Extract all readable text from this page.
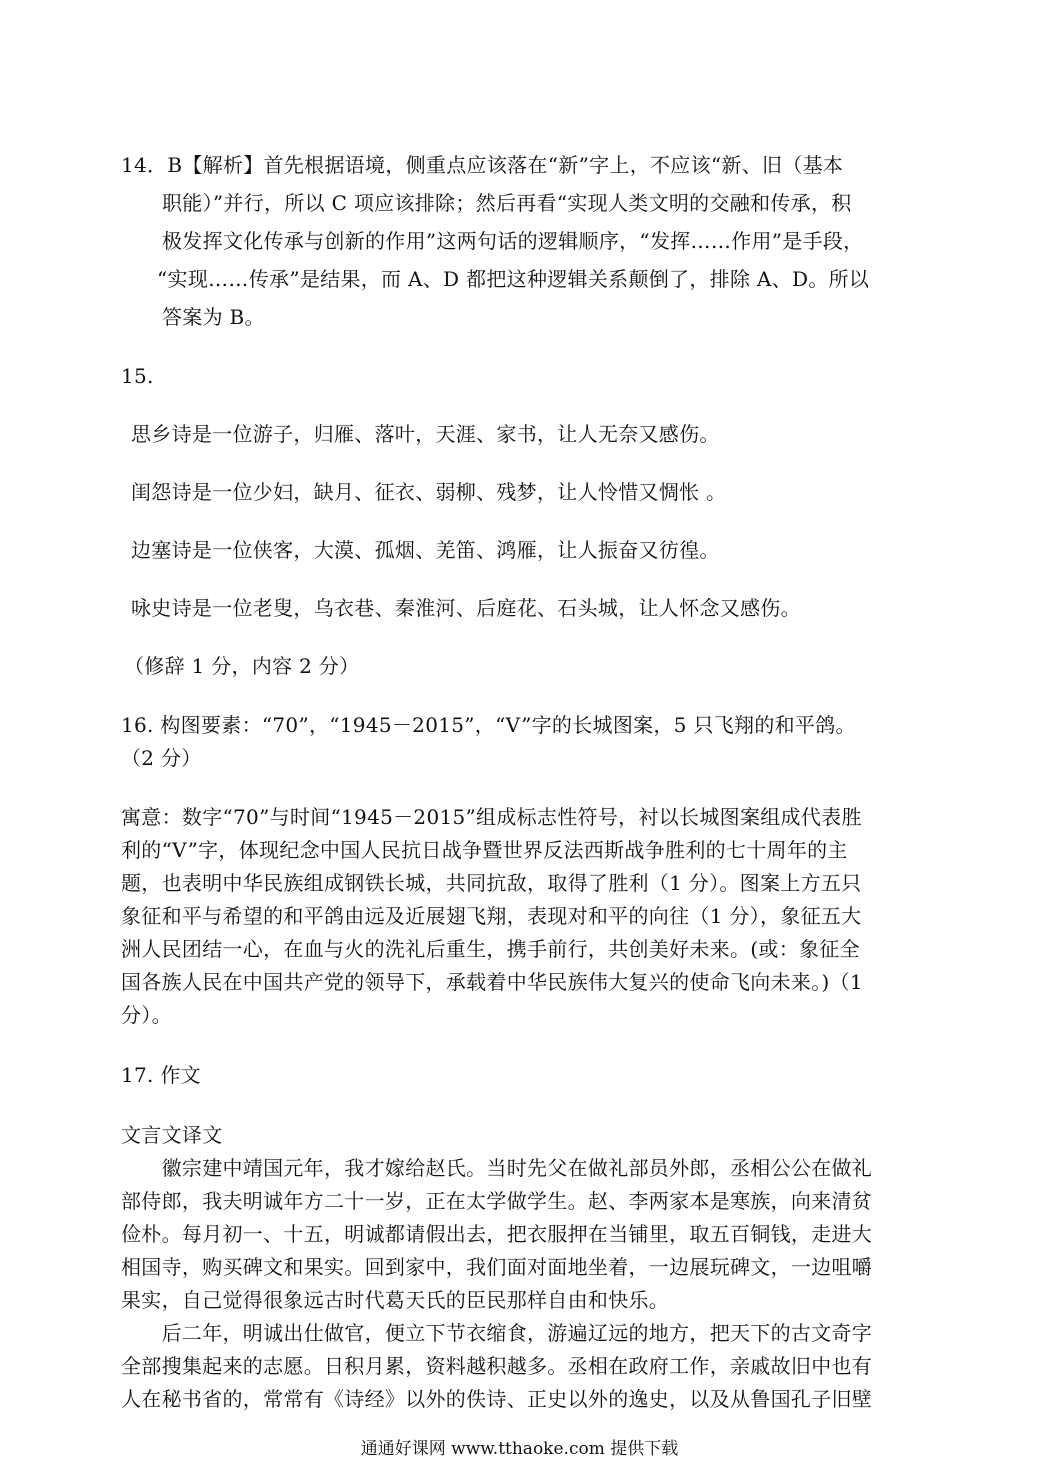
14．B【解析】首先根据语境，侧重点应该落在“新”字上，不应该“新、旧（基本
职能）”并行，所以 C 项应该排除；然后再看“实现人类文明的交融和传承，积
极发挥文化传承与创新的作用”这两句话的逻辑顺序，“发挥……作用”是手段，
“实现……传承”是结果，而 A、D 都把这种逻辑关系颠倒了，排除 A、D。所以
答案为 B。
15.
思乡诗是一位游子，归雁、落叶，天涯、家书，让人无奈又感伤。
闺怨诗是一位少妇，缺月、征衣、弱柳、残梦，让人怜惜又惆怅 。
边塞诗是一位侠客，大漠、孤烟、羌笛、鸿雁，让人振奋又彷徨。
咏史诗是一位老叟，乌衣巷、秦淮河、后庭花、石头城，让人怀念又感伤。
（修辞 1 分，内容 2 分）
16. 构图要素：“70”，“1945－2015”，“V”字的长城图案，5 只飞翔的和平鸽。
（2 分）
寓意：数字“70”与时间“1945－2015”组成标志性符号，衬以长城图案组成代表胜
利的“V”字，体现纪念中国人民抗日战争暨世界反法西斯战争胜利的七十周年的主
题，也表明中华民族组成钢铁长城，共同抗敌，取得了胜利（1 分）。图案上方五只
象征和平与希望的和平鸽由远及近展翅飞翔，表现对和平的向往（1 分），象征五大
洲人民团结一心，在血与火的洗礼后重生，携手前行，共创美好未来。(或：象征全
国各族人民在中国共产党的领导下，承载着中华民族伟大复兴的使命飞向未来。)（1
分）。
17. 作文
文言文译文
　　徽宗建中靖国元年，我才嫁给赵氏。当时先父在做礼部员外郎，丞相公公在做礼
部侍郎，我夫明诚年方二十一岁，正在太学做学生。赵、李两家本是寒族，向来清贫
俭朴。每月初一、十五，明诚都请假出去，把衣服押在当铺里，取五百铜钱，走进大
相国寺，购买碑文和果实。回到家中，我们面对面地坐着，一边展玩碑文，一边咀嚼
果实，自己觉得很象远古时代葛天氏的臣民那样自由和快乐。
　　后二年，明诚出仕做官，便立下节衣缩食，游遍辽远的地方，把天下的古文奇字
全部搜集起来的志愿。日积月累，资料越积越多。丞相在政府工作，亲戚故旧中也有
人在秘书省的，常常有《诗经》以外的佚诗、正史以外的逸史，以及从鲁国孔子旧壁
通通好课网 www.tthaoke.com 提供下载
